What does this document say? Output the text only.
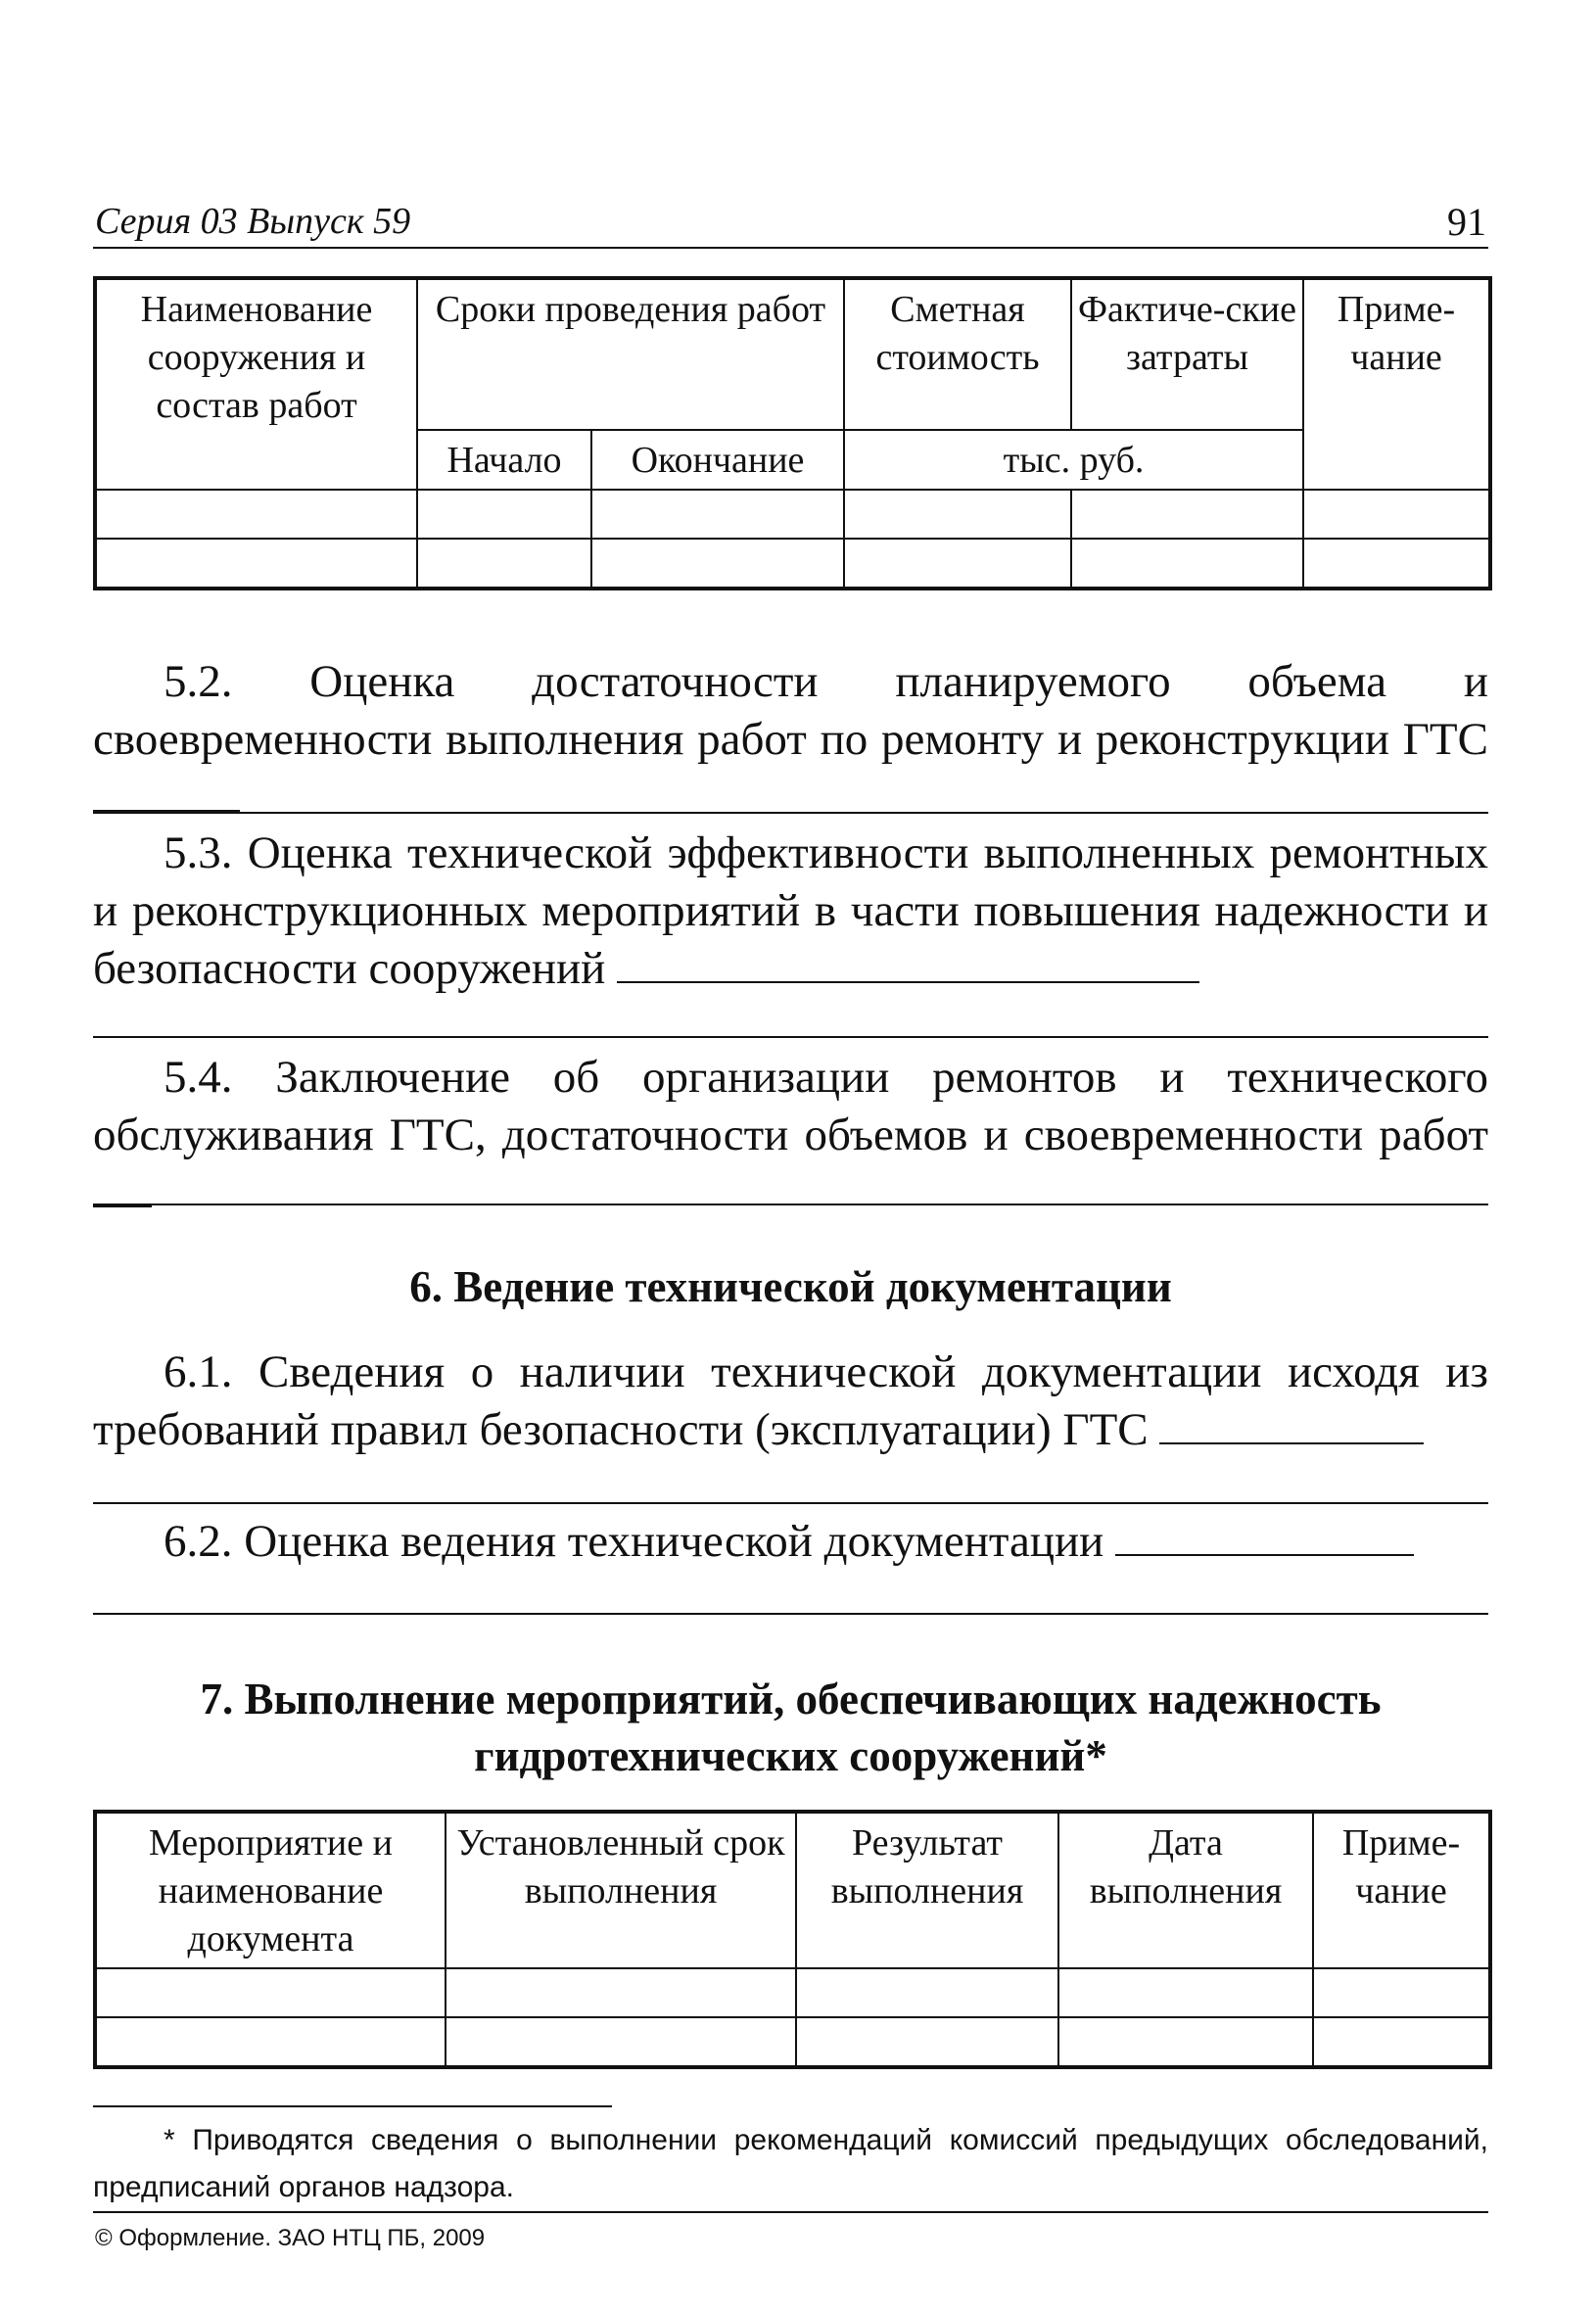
Серия 03 Выпуск 59	91
Наименование сооружения и состав работ	Сроки проведения работ		Сметная стоимость	Фактиче-ские затраты	Приме-чание
	Начало	Окончание	тыс. руб.		

5.2. Оценка достаточности планируемого объема и своевременности выполнения работ по ремонту и реконструкции ГТС
5.3. Оценка технической эффективности выполненных ремонтных и реконструкционных мероприятий в части повышения надежности и безопасности сооружений
5.4. Заключение об организации ремонтов и технического обслуживания ГТС, достаточности объемов и своевременности работ
6. Ведение технической документации
6.1. Сведения о наличии технической документации исходя из требований правил безопасности (эксплуатации) ГТС
6.2. Оценка ведения технической документации
7. Выполнение мероприятий, обеспечивающих надежность
гидротехнических сооружений*
Мероприятие и наименование документа	Установленный срок выполнения	Результат выполнения	Дата выполнения	Приме-чание

* Приводятся сведения о выполнении рекомендаций комиссий предыдущих обследований, предписаний органов надзора.
© Оформление. ЗАО НТЦ ПБ, 2009
